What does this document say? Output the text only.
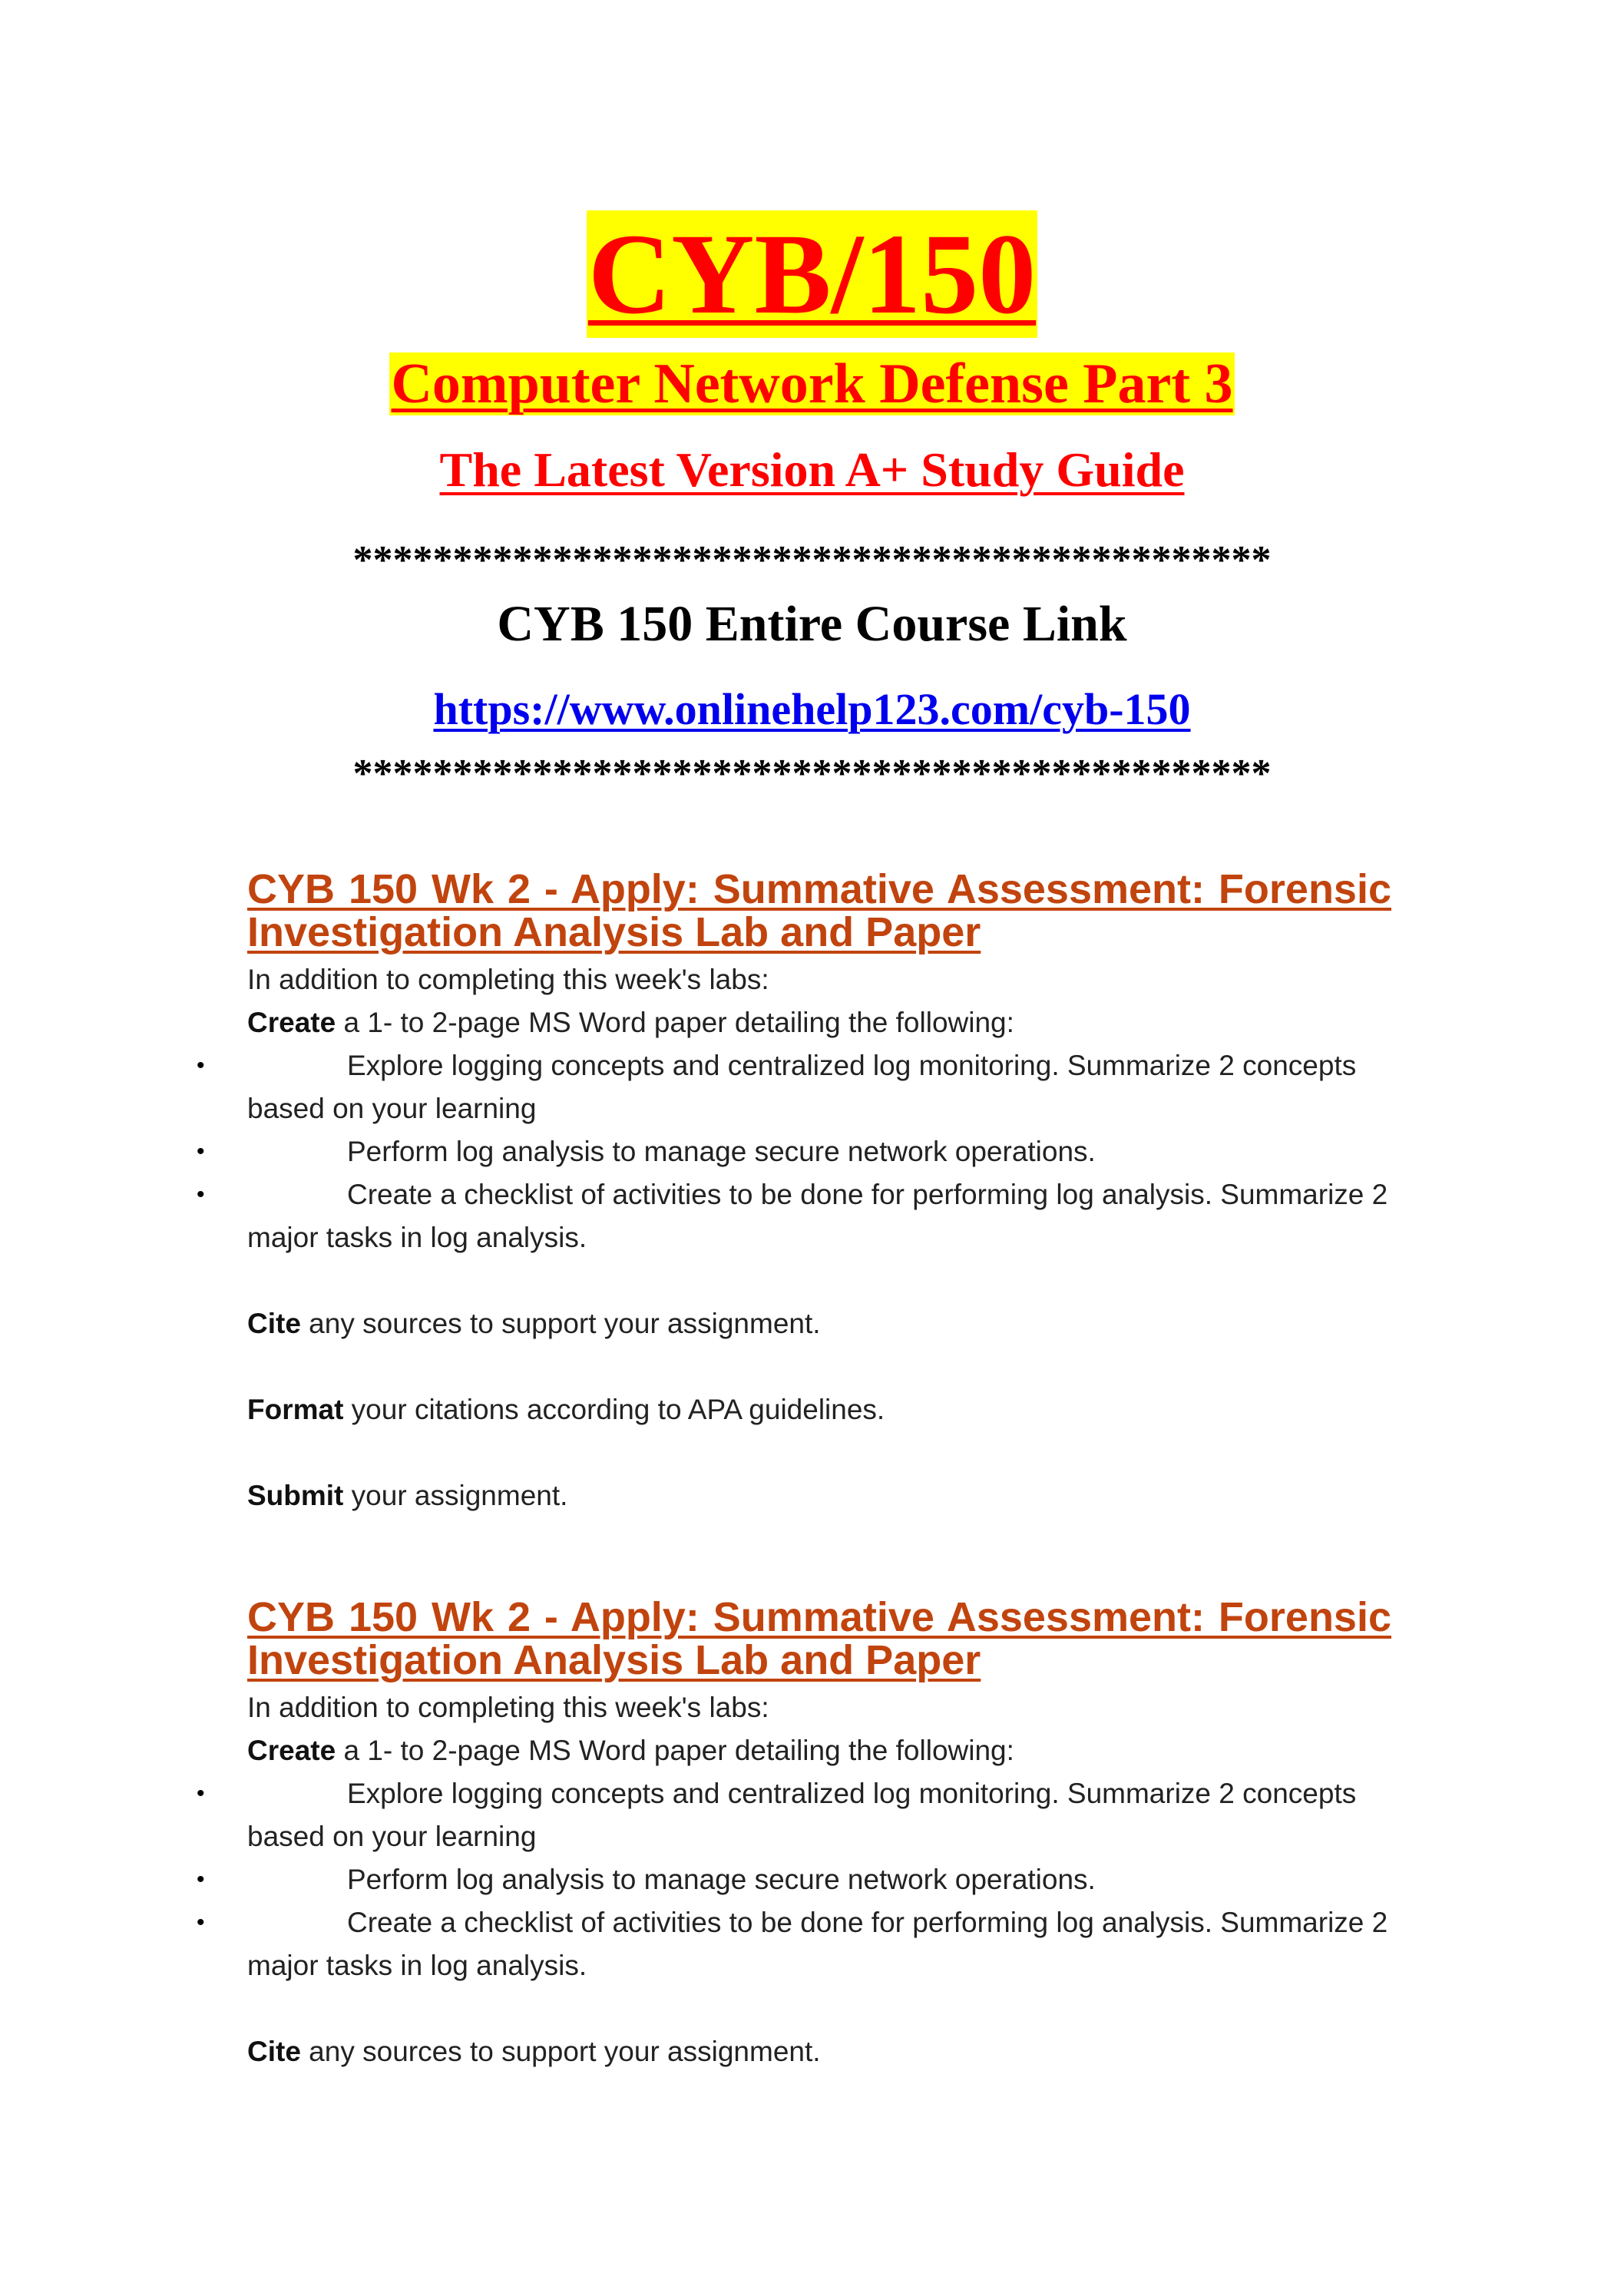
CYB/150
Computer Network Defense Part 3
The Latest Version A+ Study Guide
**********************************************
CYB 150 Entire Course Link
https://www.onlinehelp123.com/cyb-150
**********************************************
CYB 150 Wk 2 - Apply: Summative Assessment: Forensic
Investigation Analysis Lab and Paper
In addition to completing this week's labs:
Create a 1- to 2-page MS Word paper detailing the following:
•	Explore logging concepts and centralized log monitoring. Summarize 2 concepts based on your learning
•	Perform log analysis to manage secure network operations.
•	Create a checklist of activities to be done for performing log analysis. Summarize 2 major tasks in log analysis.
Cite any sources to support your assignment.
Format your citations according to APA guidelines.
Submit your assignment.
CYB 150 Wk 2 - Apply: Summative Assessment: Forensic
Investigation Analysis Lab and Paper
In addition to completing this week's labs:
Create a 1- to 2-page MS Word paper detailing the following:
•	Explore logging concepts and centralized log monitoring. Summarize 2 concepts based on your learning
•	Perform log analysis to manage secure network operations.
•	Create a checklist of activities to be done for performing log analysis. Summarize 2 major tasks in log analysis.
Cite any sources to support your assignment.
